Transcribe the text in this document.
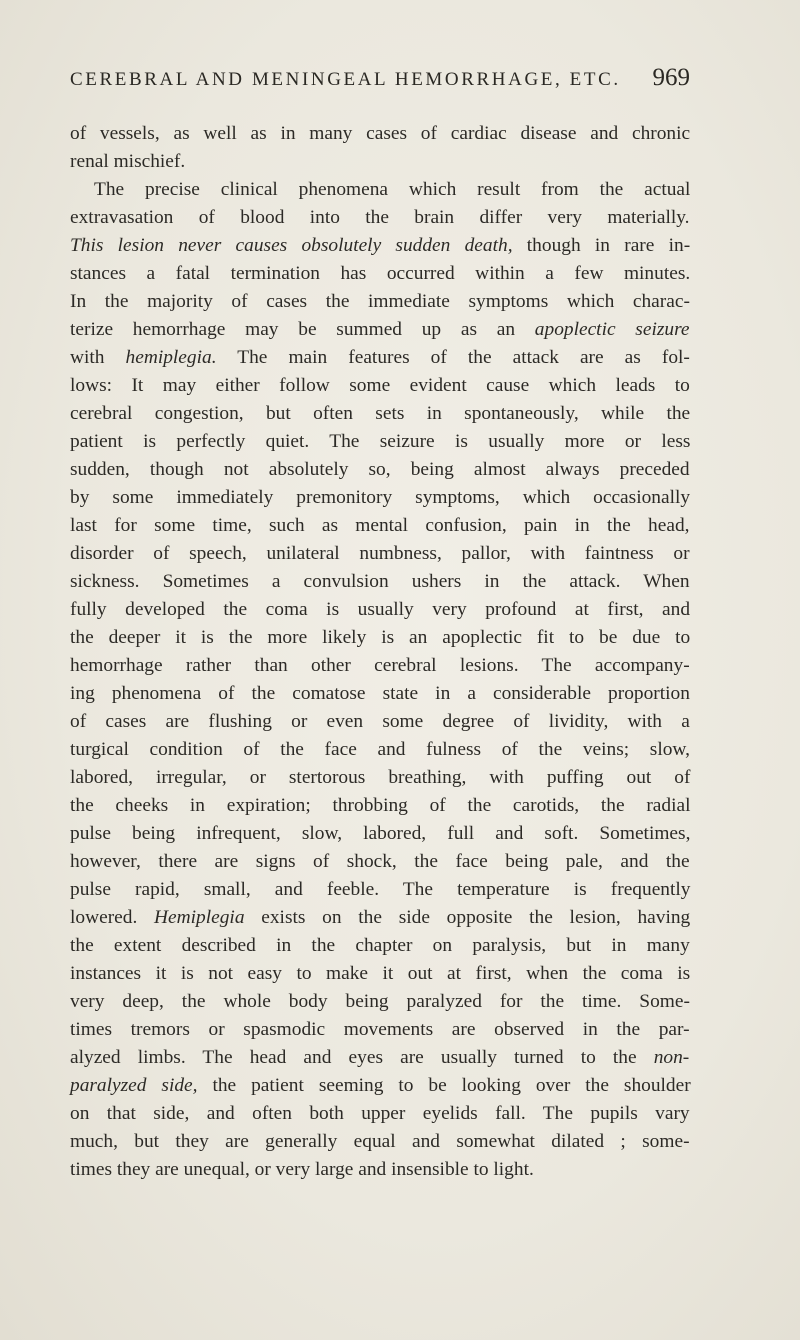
CEREBRAL AND MENINGEAL HEMORRHAGE, ETC. 969
of vessels, as well as in many cases of cardiac disease and chronic
renal mischief.
The precise clinical phenomena which result from the actual
extravasation of blood into the brain differ very materially.
This lesion never causes obsolutely sudden death, though in rare in-
stances a fatal termination has occurred within a few minutes.
In the majority of cases the immediate symptoms which charac-
terize hemorrhage may be summed up as an apoplectic seizure
with hemiplegia. The main features of the attack are as fol-
lows: It may either follow some evident cause which leads to
cerebral congestion, but often sets in spontaneously, while the
patient is perfectly quiet. The seizure is usually more or less
sudden, though not absolutely so, being almost always preceded
by some immediately premonitory symptoms, which occasionally
last for some time, such as mental confusion, pain in the head,
disorder of speech, unilateral numbness, pallor, with faintness or
sickness. Sometimes a convulsion ushers in the attack. When
fully developed the coma is usually very profound at first, and
the deeper it is the more likely is an apoplectic fit to be due to
hemorrhage rather than other cerebral lesions. The accompany-
ing phenomena of the comatose state in a considerable proportion
of cases are flushing or even some degree of lividity, with a
turgical condition of the face and fulness of the veins; slow,
labored, irregular, or stertorous breathing, with puffing out of
the cheeks in expiration; throbbing of the carotids, the radial
pulse being infrequent, slow, labored, full and soft. Sometimes,
however, there are signs of shock, the face being pale, and the
pulse rapid, small, and feeble. The temperature is frequently
lowered. Hemiplegia exists on the side opposite the lesion, having
the extent described in the chapter on paralysis, but in many
instances it is not easy to make it out at first, when the coma is
very deep, the whole body being paralyzed for the time. Some-
times tremors or spasmodic movements are observed in the par-
alyzed limbs. The head and eyes are usually turned to the non-
paralyzed side, the patient seeming to be looking over the shoulder
on that side, and often both upper eyelids fall. The pupils vary
much, but they are generally equal and somewhat dilated ; some-
times they are unequal, or very large and insensible to light.
